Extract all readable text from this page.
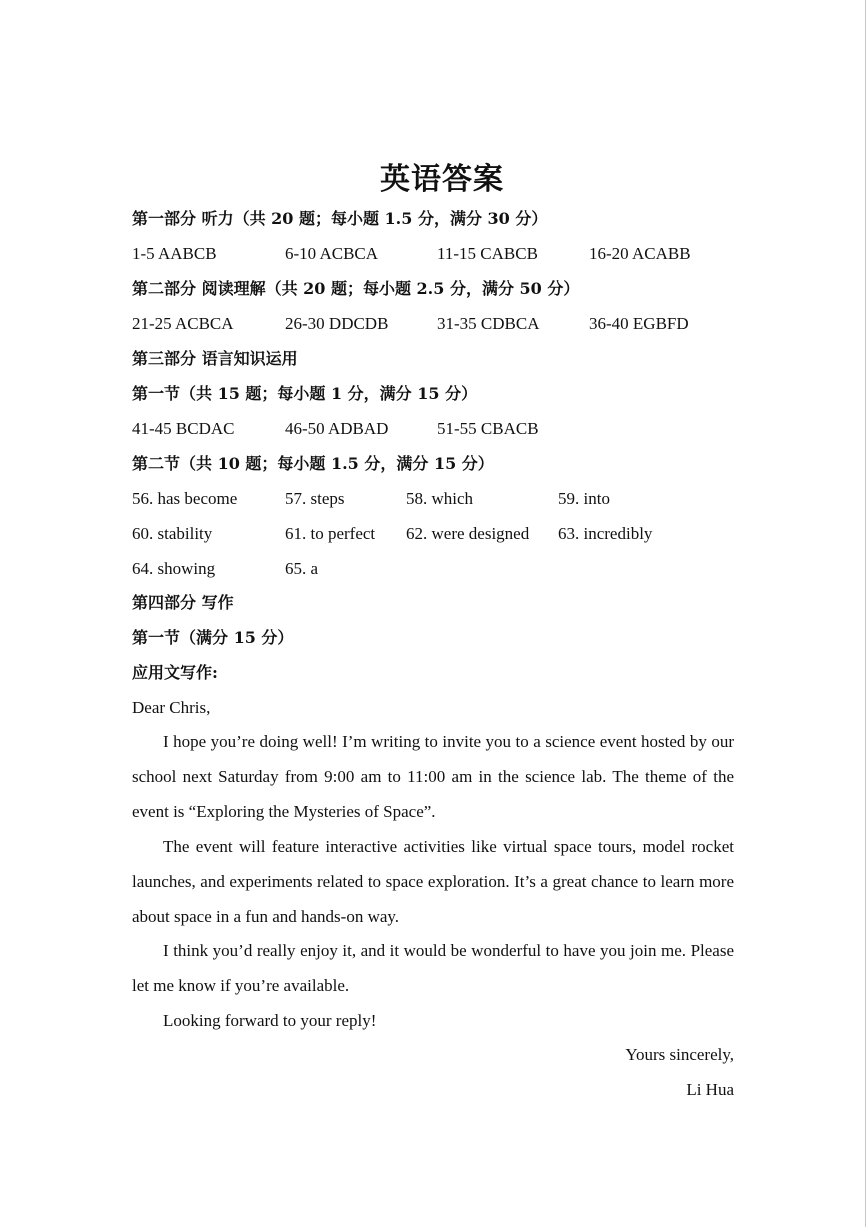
英语答案
第一部分 听力（共 20 题；每小题 1.5 分，满分 30 分）
1-5 AABCB	6-10 ACBCA	11-15 CABCB	16-20 ACABB
第二部分 阅读理解（共 20 题；每小题 2.5 分，满分 50 分）
21-25 ACBCA	26-30 DDCDB	31-35 CDBCA	36-40 EGBFD
第三部分 语言知识运用
第一节（共 15 题；每小题 1 分，满分 15 分）
41-45 BCDAC	46-50 ADBAD	51-55 CBACB
第二节（共 10 题；每小题 1.5 分，满分 15 分）
56. has become	57. steps	58. which	59. into
60. stability	61. to perfect 62. were designed 63. incredibly
64. showing	65. a
第四部分 写作
第一节（满分 15 分）
应用文写作:
Dear Chris,
I hope you’re doing well! I’m writing to invite you to a science event hosted by our school next Saturday from 9:00 am to 11:00 am in the science lab. The theme of the event is “Exploring the Mysteries of Space”.
The event will feature interactive activities like virtual space tours, model rocket launches, and experiments related to space exploration. It’s a great chance to learn more about space in a fun and hands-on way.
I think you’d really enjoy it, and it would be wonderful to have you join me. Please let me know if you’re available.
Looking forward to your reply!
Yours sincerely,
Li Hua
